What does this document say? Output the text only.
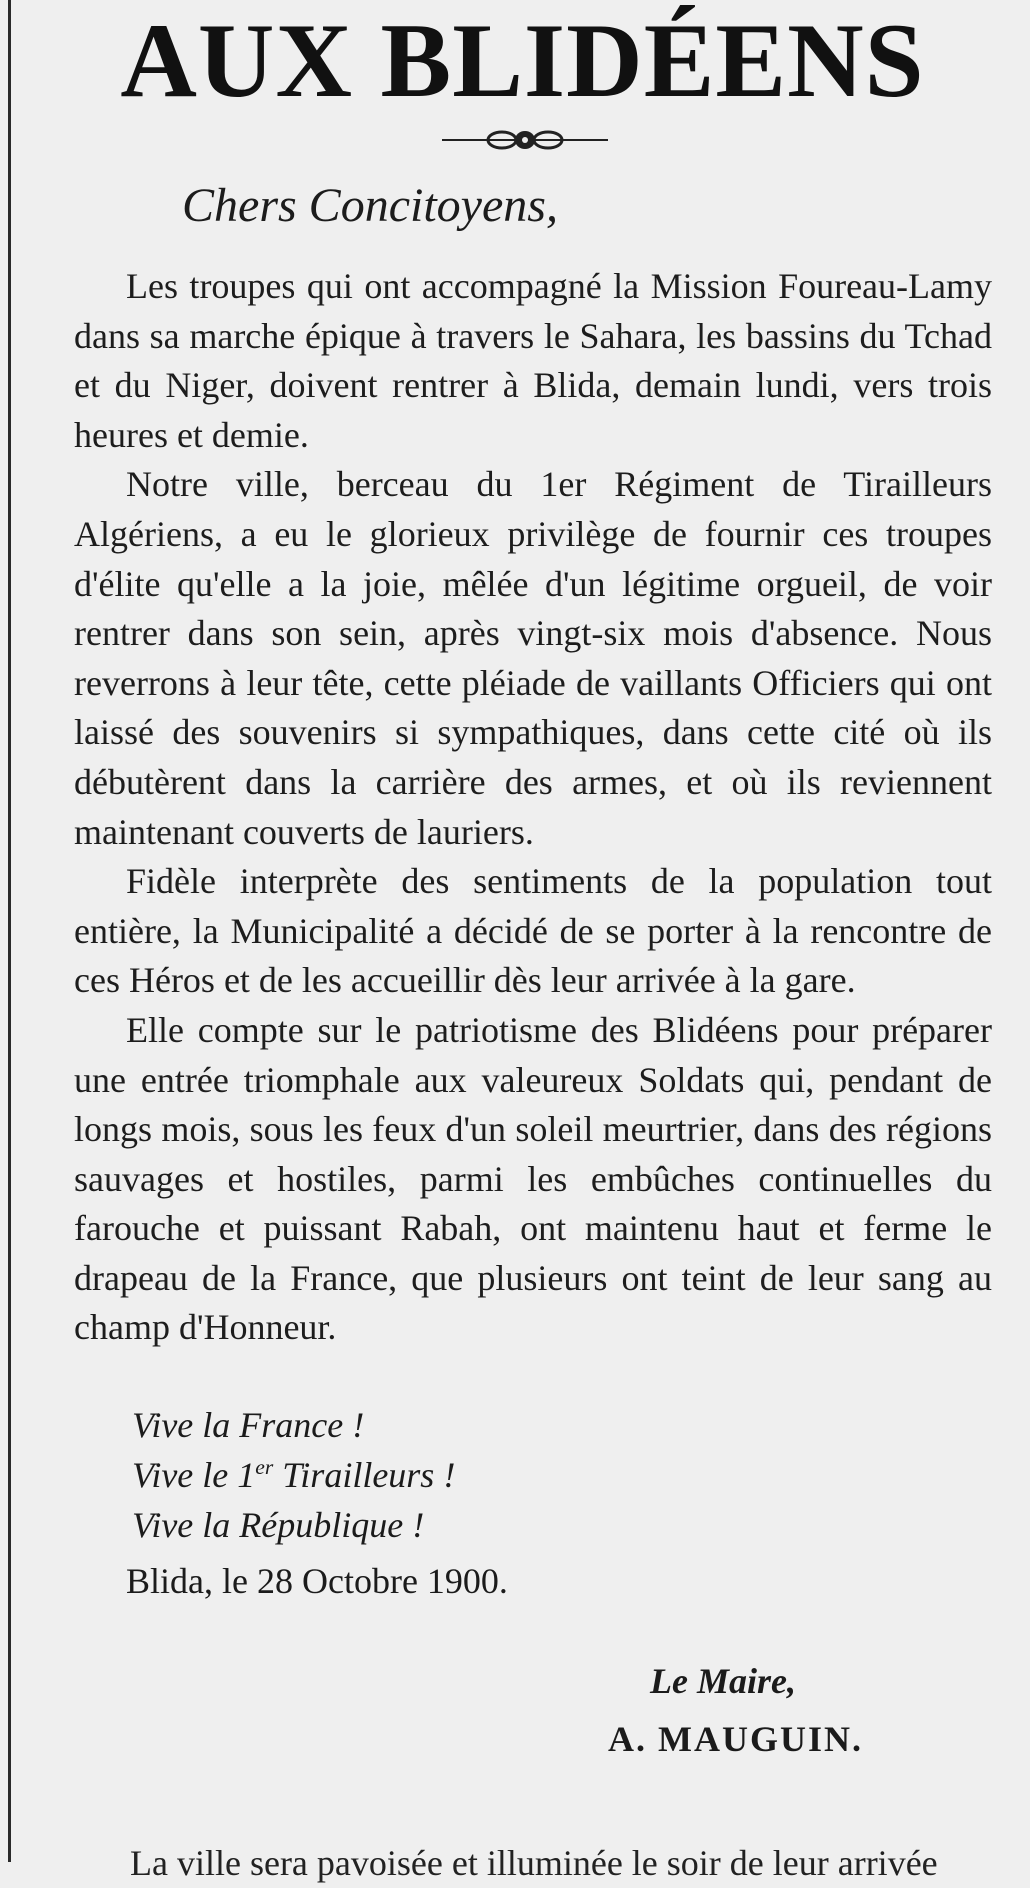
AUX BLIDÉENS
Chers Concitoyens,

Les troupes qui ont accompagné la Mission Foureau-Lamy dans sa marche épique à travers le Sahara, les bassins du Tchad et du Niger, doivent rentrer à Blida, demain lundi, vers trois heures et demie.

Notre ville, berceau du 1er Régiment de Tirailleurs Algériens, a eu le glorieux privilège de fournir ces troupes d'élite qu'elle a la joie, mêlée d'un légitime orgueil, de voir rentrer dans son sein, après vingt-six mois d'absence. Nous reverrons à leur tête, cette pléiade de vaillants Officiers qui ont laissé des souvenirs si sympathiques, dans cette cité où ils débutèrent dans la carrière des armes, et où ils reviennent maintenant couverts de lauriers.

Fidèle interprète des sentiments de la population tout entière, la Municipalité a décidé de se porter à la rencontre de ces Héros et de les accueillir dès leur arrivée à la gare.

Elle compte sur le patriotisme des Blidéens pour préparer une entrée triomphale aux valeureux Soldats qui, pendant de longs mois, sous les feux d'un soleil meurtrier, dans des régions sauvages et hostiles, parmi les embûches continuelles du farouche et puissant Rabah, ont maintenu haut et ferme le drapeau de la France, que plusieurs ont teint de leur sang au champ d'Honneur.

Vive la France !
Vive le 1er Tirailleurs !
Vive la République !
Blida, le 28 Octobre 1900.
Le Maire,
A. MAUGUIN.
La ville sera pavoisée et illuminée le soir de leur arrivée
